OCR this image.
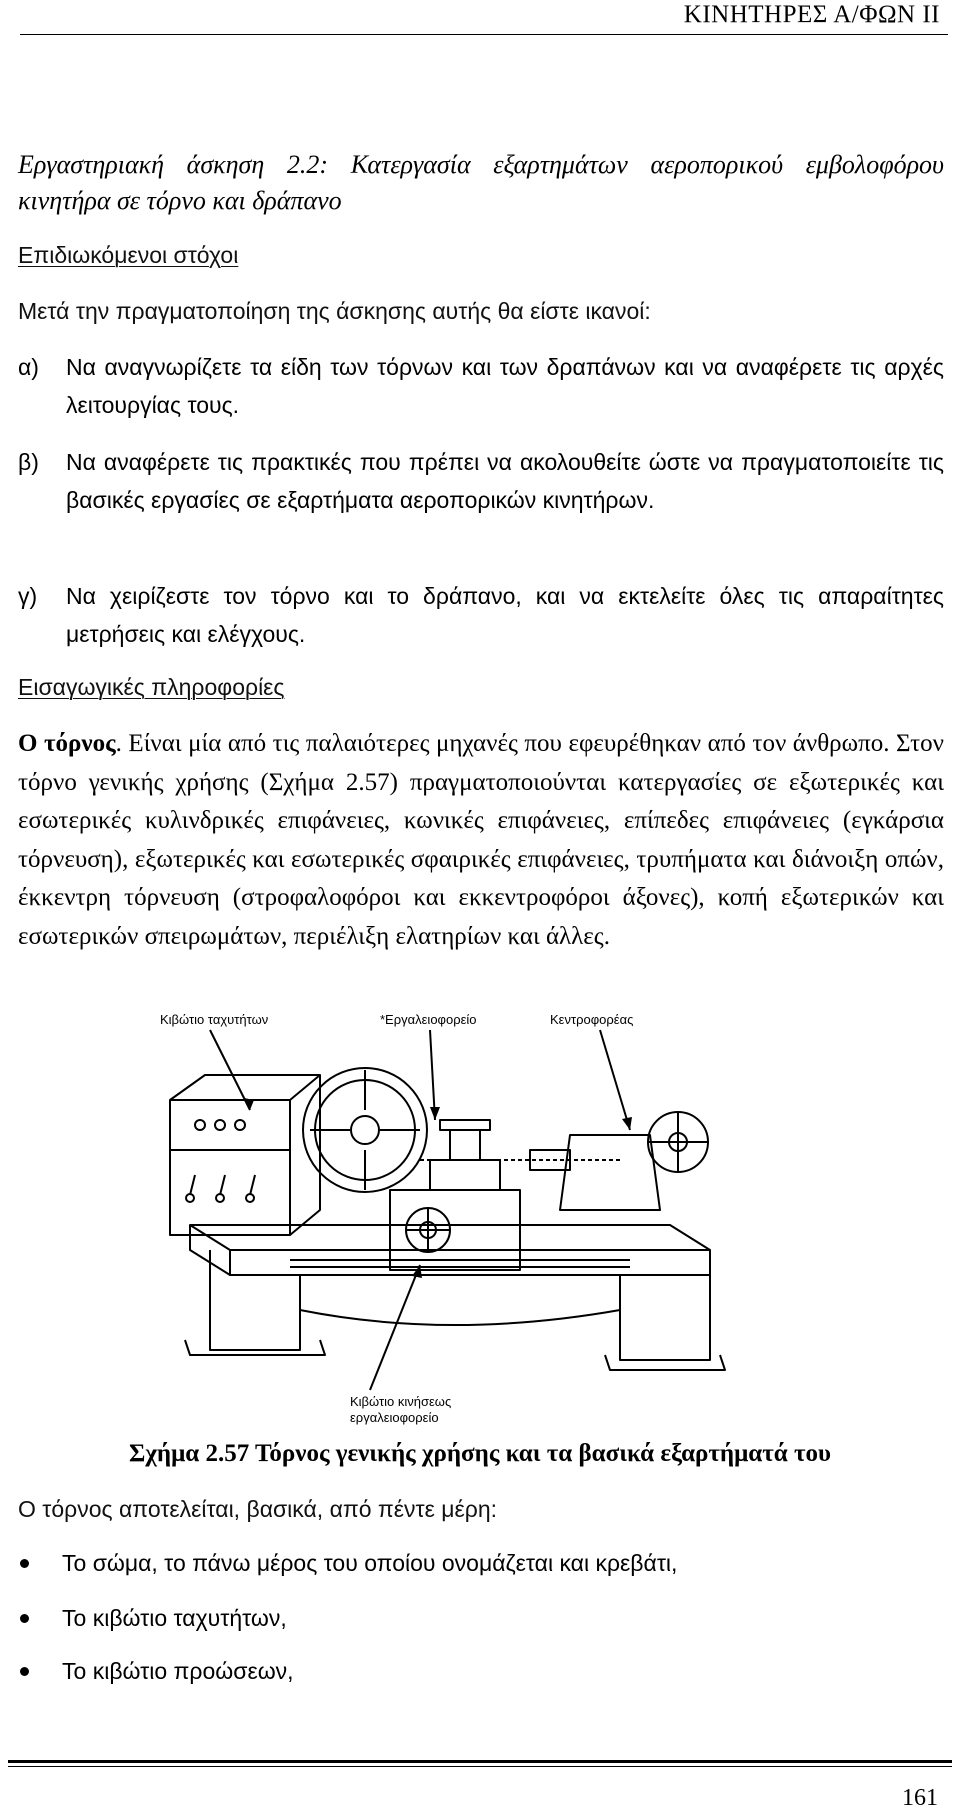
ΚΙΝΗΤΗΡΕΣ Α/ΦΩΝ ΙΙ
Εργαστηριακή άσκηση 2.2: Κατεργασία εξαρτημάτων αεροπορικού εμβολοφόρου κινητήρα σε τόρνο και δράπανο
Επιδιωκόμενοι στόχοι
Μετά την πραγματοποίηση της άσκησης αυτής θα είστε ικανοί:
α) Να αναγνωρίζετε τα είδη των τόρνων και των δραπάνων και να αναφέρετε τις αρχές λειτουργίας τους.
β) Να αναφέρετε τις πρακτικές που πρέπει να ακολουθείτε ώστε να πραγματοποιείτε τις βασικές εργασίες σε εξαρτήματα αεροπορικών κινητήρων.
γ) Να χειρίζεστε τον τόρνο και το δράπανο, και να εκτελείτε όλες τις απαραίτητες μετρήσεις και ελέγχους.
Εισαγωγικές πληροφορίες
Ο τόρνος. Είναι μία από τις παλαιότερες μηχανές που εφευρέθηκαν από τον άνθρωπο. Στον τόρνο γενικής χρήσης (Σχήμα 2.57) πραγματοποιούνται κατεργασίες σε εξωτερικές και εσωτερικές κυλινδρικές επιφάνειες, κωνικές επιφάνειες, επίπεδες επιφάνειες (εγκάρσια τόρνευση), εξωτερικές και εσωτερικές σφαιρικές επιφάνειες, τρυπήματα και διάνοιξη οπών, έκκεντρη τόρνευση (στροφαλοφόροι και εκκεντροφόροι άξονες), κοπή εξωτερικών και εσωτερικών σπειρωμάτων, περιέλιξη ελατηρίων και άλλες.
Κιβώτιο ταχυτήτων	*Εργαλειοφορείο	Κεντροφορέας
Κιβώτιο κινήσεως
εργαλειοφορείο
Σχήμα 2.57 Τόρνος γενικής χρήσης και τα βασικά εξαρτήματά του
Ο τόρνος αποτελείται, βασικά, από πέντε μέρη:
Το σώμα, το πάνω μέρος του οποίου ονομάζεται και κρεβάτι,
Το κιβώτιο ταχυτήτων,
Το κιβώτιο προώσεων,
161
